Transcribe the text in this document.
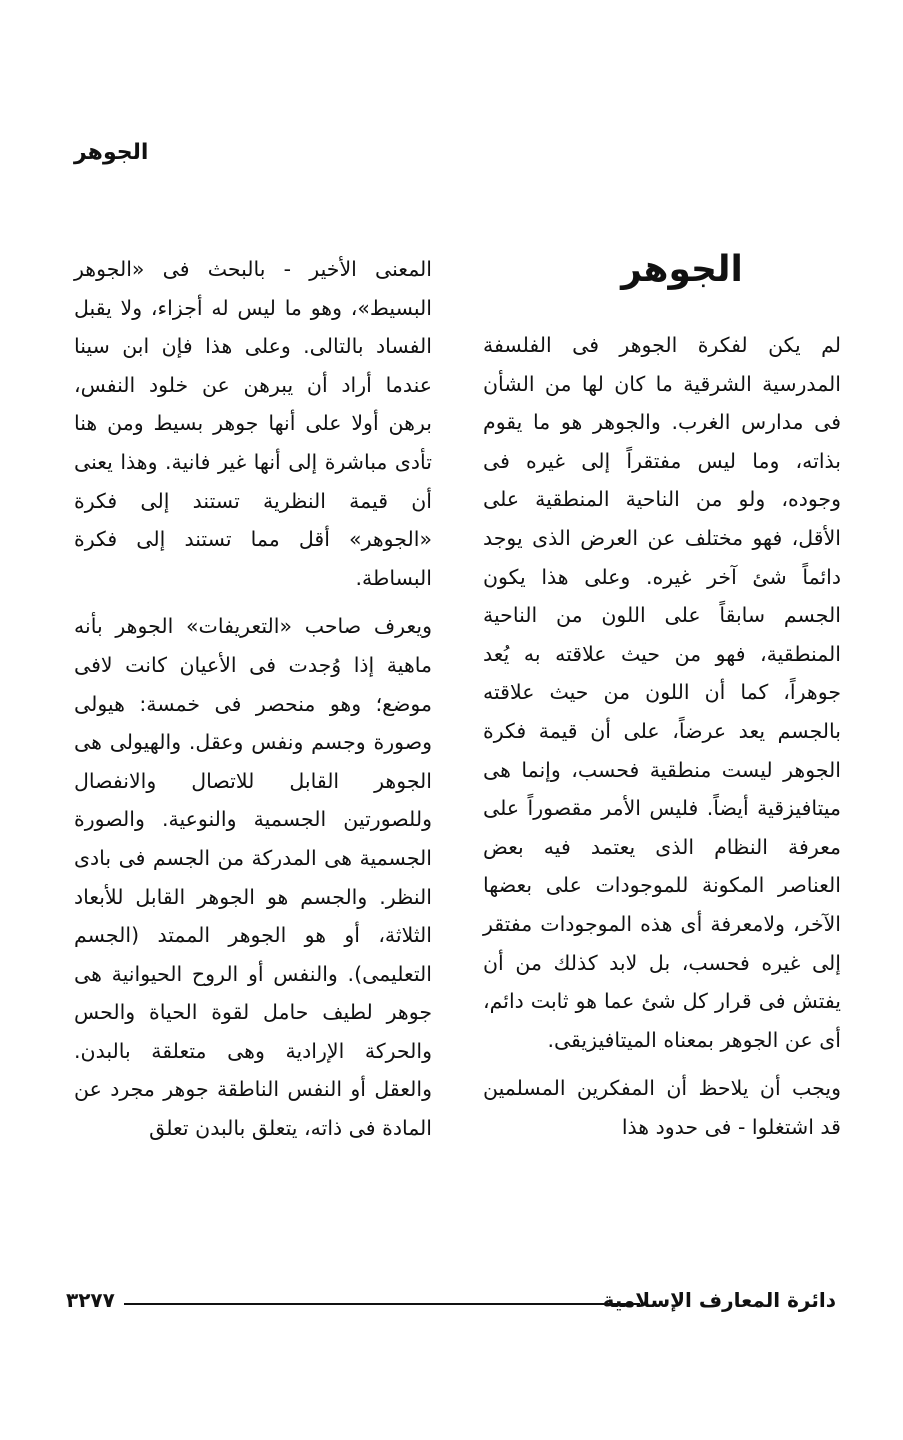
الجوهر
الجوهر

لم يكن لفكرة الجوهر فى الفلسفة المدرسية الشرقية ما كان لها من الشأن فى مدارس الغرب. والجوهر هو ما يقوم بذاته، وما ليس مفتقراً إلى غيره فى وجوده، ولو من الناحية المنطقية على الأقل، فهو مختلف عن العرض الذى يوجد دائماً شئ آخر غيره. وعلى هذا يكون الجسم سابقاً على اللون من الناحية المنطقية، فهو من حيث علاقته به يُعد جوهراً، كما أن اللون من حيث علاقته بالجسم يعد عرضاً، على أن قيمة فكرة الجوهر ليست منطقية فحسب، وإنما هى ميتافيزقية أيضاً. فليس الأمر مقصوراً على معرفة النظام الذى يعتمد فيه بعض العناصر المكونة للموجودات على بعضها الآخر، ولامعرفة أى هذه الموجودات مفتقر إلى غيره فحسب، بل لابد كذلك من أن يفتش فى قرار كل شئ عما هو ثابت دائم، أى عن الجوهر بمعناه الميتافيزيقى.

ويجب أن يلاحظ أن المفكرين المسلمين قد اشتغلوا - فى حدود هذا

المعنى الأخير - بالبحث فى «الجوهر البسيط»، وهو ما ليس له أجزاء، ولا يقبل الفساد بالتالى. وعلى هذا فإن ابن سينا عندما أراد أن يبرهن عن خلود النفس، برهن أولا على أنها جوهر بسيط ومن هنا تأدى مباشرة إلى أنها غير فانية. وهذا يعنى أن قيمة النظرية تستند إلى فكرة «الجوهر» أقل مما تستند إلى فكرة البساطة.

ويعرف صاحب «التعريفات» الجوهر بأنه ماهية إذا وُجدت فى الأعيان كانت لافى موضع؛ وهو منحصر فى خمسة: هيولى وصورة وجسم ونفس وعقل. والهيولى هى الجوهر القابل للاتصال والانفصال وللصورتين الجسمية والنوعية. والصورة الجسمية هى المدركة من الجسم فى بادى النظر. والجسم هو الجوهر القابل للأبعاد الثلاثة، أو هو الجوهر الممتد (الجسم التعليمى). والنفس أو الروح الحيوانية هى جوهر لطيف حامل لقوة الحياة والحس والحركة الإرادية وهى متعلقة بالبدن. والعقل أو النفس الناطقة جوهر مجرد عن المادة فى ذاته، يتعلق بالبدن تعلق

٣٢٧٧	دائرة المعارف الإسلامية
